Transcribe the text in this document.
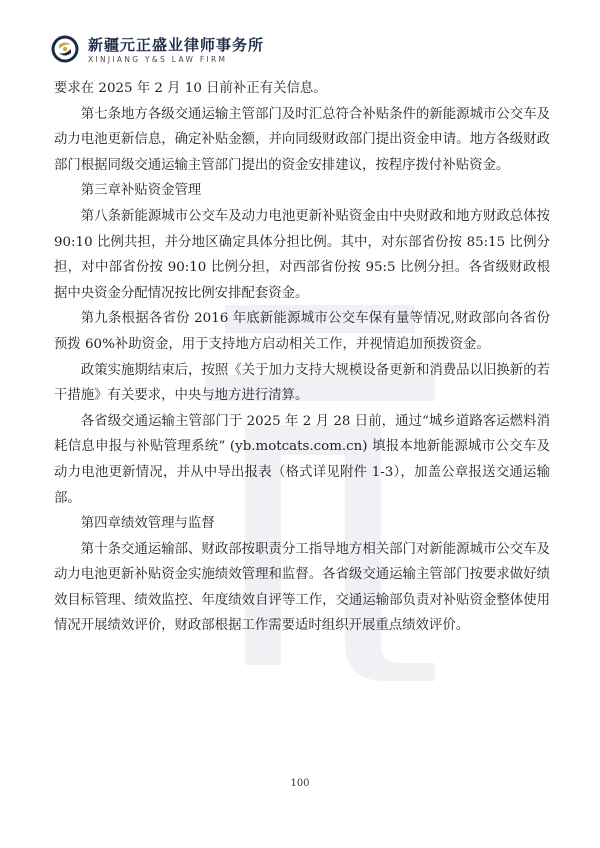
新疆元正盛业律师事务所
XINJIANG Y&S LAW FIRM

要求在 2025 年 2 月 10 日前补正有关信息。

第七条地方各级交通运输主管部门及时汇总符合补贴条件的新能源城市公交车及动力电池更新信息，确定补贴金额，并向同级财政部门提出资金申请。地方各级财政部门根据同级交通运输主管部门提出的资金安排建议，按程序拨付补贴资金。

第三章补贴资金管理

第八条新能源城市公交车及动力电池更新补贴资金由中央财政和地方财政总体按 90:10 比例共担，并分地区确定具体分担比例。其中，对东部省份按 85:15 比例分担，对中部省份按 90:10 比例分担，对西部省份按 95:5 比例分担。各省级财政根据中央资金分配情况按比例安排配套资金。

第九条根据各省份 2016 年底新能源城市公交车保有量等情况,财政部向各省份预拨 60%补助资金，用于支持地方启动相关工作，并视情追加预拨资金。

政策实施期结束后，按照《关于加力支持大规模设备更新和消费品以旧换新的若干措施》有关要求，中央与地方进行清算。

各省级交通运输主管部门于 2025 年 2 月 28 日前，通过“城乡道路客运燃料消耗信息申报与补贴管理系统” (yb.motcats.com.cn) 填报本地新能源城市公交车及动力电池更新情况，并从中导出报表（格式详见附件 1-3），加盖公章报送交通运输部。

第四章绩效管理与监督

第十条交通运输部、财政部按职责分工指导地方相关部门对新能源城市公交车及动力电池更新补贴资金实施绩效管理和监督。各省级交通运输主管部门按要求做好绩效目标管理、绩效监控、年度绩效自评等工作，交通运输部负责对补贴资金整体使用情况开展绩效评价，财政部根据工作需要适时组织开展重点绩效评价。

100
